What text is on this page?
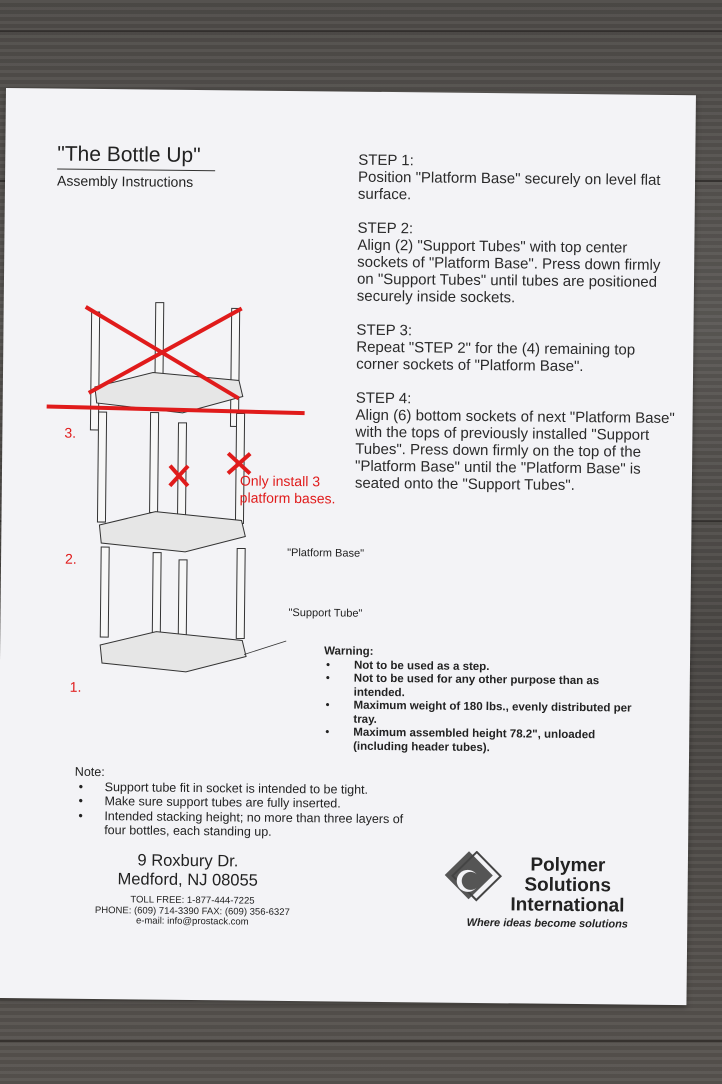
"The Bottle Up"
Assembly Instructions
STEP 1:
Position "Platform Base" securely on level flat surface.
STEP 2:
Align (2) "Support Tubes" with top center sockets of "Platform Base". Press down firmly on "Support Tubes" until tubes are positioned securely inside sockets.
STEP 3:
Repeat "STEP 2" for the (4) remaining top corner sockets of "Platform Base".
STEP 4:
Align (6) bottom sockets of next "Platform Base" with the tops of previously installed "Support Tubes". Press down firmly on the top of the "Platform Base" until the "Platform Base" is seated onto the "Support Tubes".
3.
2.
1.
Only install 3 platform bases.
"Platform Base"
"Support Tube"
Warning:
• Not to be used as a step.
• Not to be used for any other purpose than as intended.
• Maximum weight of 180 lbs., evenly distributed per tray.
• Maximum assembled height 78.2", unloaded (including header tubes).
Note:
• Support tube fit in socket is intended to be tight.
• Make sure support tubes are fully inserted.
• Intended stacking height; no more than three layers of four bottles, each standing up.
9 Roxbury Dr.
Medford, NJ 08055
TOLL FREE: 1-877-444-7225
PHONE: (609) 714-3390 FAX: (609) 356-6327
e-mail: info@prostack.com
Polymer
Solutions
International
Where ideas become solutions
